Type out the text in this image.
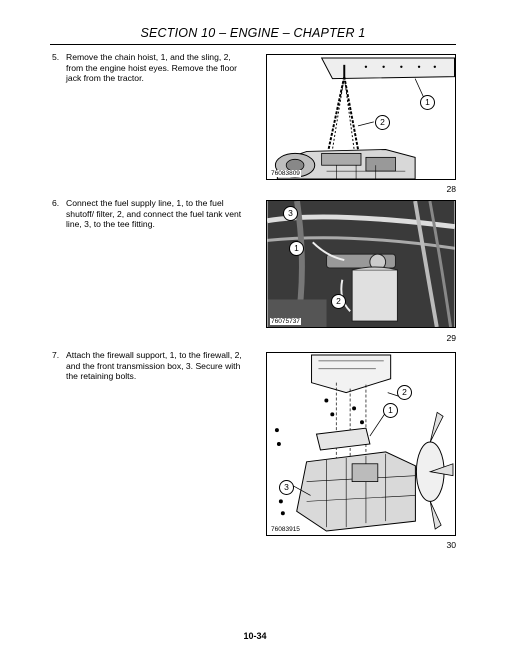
SECTION 10 – ENGINE – CHAPTER 1
5. Remove the chain hoist, 1, and the sling, 2, from the engine hoist eyes. Remove the floor jack from the tractor.
1
2
76083809
28
6. Connect the fuel supply line, 1, to the fuel shutoff/ filter, 2, and connect the fuel tank vent line, 3, to the tee fitting.
3
1
2
76075737
29
7. Attach the firewall support, 1, to the firewall, 2, and the front transmission box, 3. Secure with the retaining bolts.
2
1
3
76083915
30
10-34
